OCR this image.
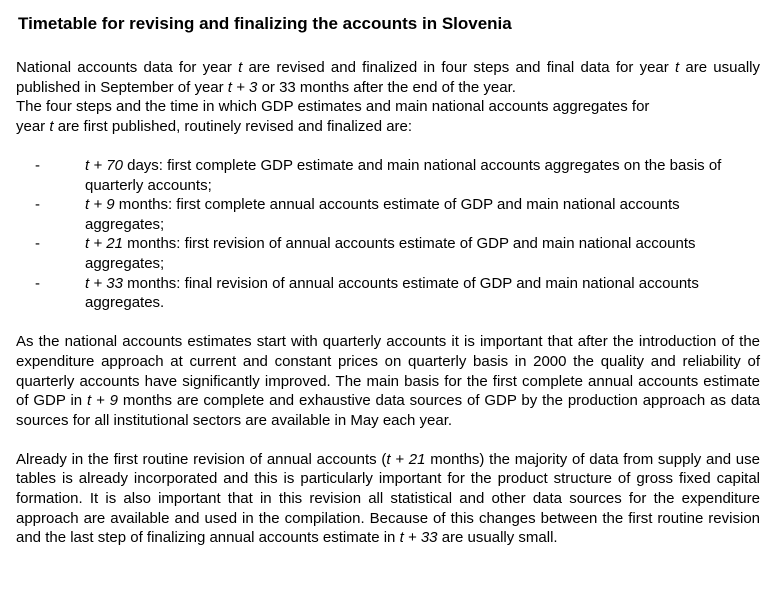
Timetable for revising and finalizing the accounts in Slovenia

National accounts data for year t are revised and finalized in four steps and final data for year t are usually published in September of year t + 3 or 33 months after the end of the year.

The four steps and the time in which GDP estimates and main national accounts aggregates for
year t are first published, routinely revised and finalized are:

-	t + 70 days: first complete GDP estimate and main national accounts aggregates on the basis of quarterly accounts;
-	t + 9 months: first complete annual accounts estimate of GDP and main national accounts aggregates;
-	t + 21 months: first revision of annual accounts estimate of GDP and main national accounts aggregates;
-	t + 33 months: final revision of annual accounts estimate of GDP and main national accounts aggregates.

As the national accounts estimates start with quarterly accounts it is important that after the introduction of the expenditure approach at current and constant prices on quarterly basis in 2000 the quality and reliability of quarterly accounts have significantly improved. The main basis for the first complete annual accounts estimate of GDP in t + 9 months are complete and exhaustive data sources of GDP by the production approach as data sources for all institutional sectors are available in May each year.

Already in the first routine revision of annual accounts (t + 21 months) the majority of data from supply and use tables is already incorporated and this is particularly important for the product structure of gross fixed capital formation. It is also important that in this revision all statistical and other data sources for the expenditure approach are available and used in the compilation. Because of this changes between the first routine revision and the last step of finalizing annual accounts estimate in t + 33 are usually small.
